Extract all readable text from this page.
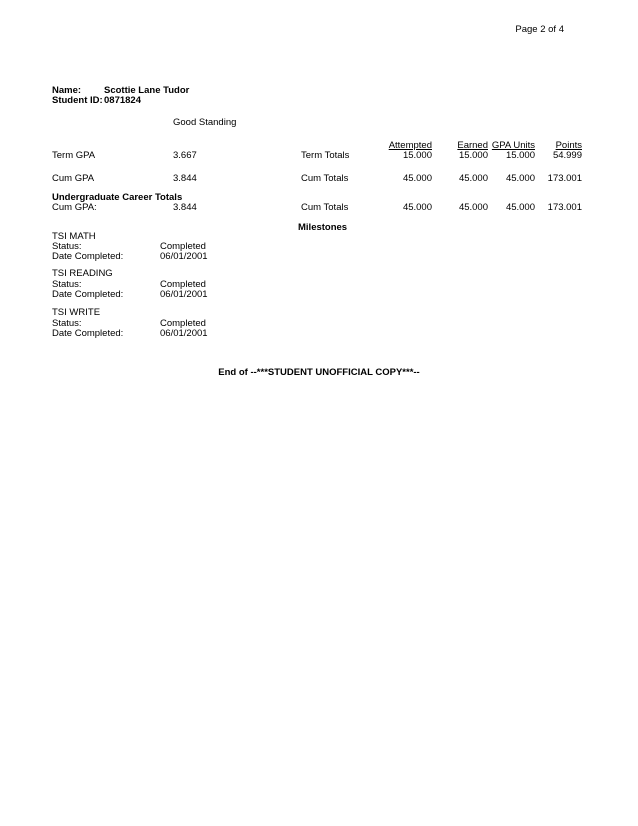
Page 2 of 4
Name: Scottie Lane Tudor
Student ID: 0871824
Good Standing
Attempted	Earned GPA Units Points
Term GPA	3.667	Term Totals	15.000	15.000 15.000 54.999
Cum GPA	3.844	Cum Totals	45.000	45.000 45.000 173.001
Undergraduate Career Totals
Cum GPA:	3.844	Cum Totals	45.000	45.000 45.000 173.001
Milestones
TSI MATH
Status:	Completed
Date Completed:	06/01/2001
TSI READING
Status:	Completed
Date Completed:	06/01/2001
TSI WRITE
Status:	Completed
Date Completed:	06/01/2001
End of --***STUDENT UNOFFICIAL COPY***--
